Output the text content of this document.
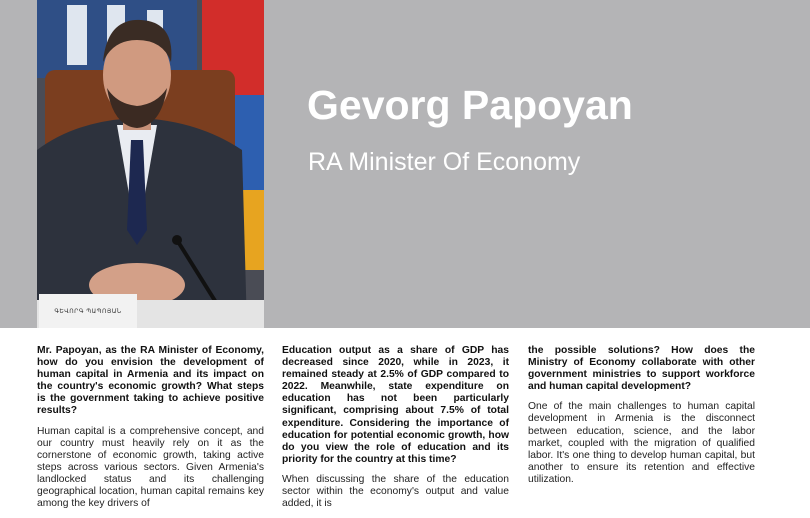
ԳԵՎՈՐԳ ՊԱՊՈՅԱՆ
Gevorg Papoyan
RA Minister Of Economy

Mr. Papoyan, as the RA Minister of Economy, how do you envision the development of human capital in Armenia and its impact on the country's economic growth? What steps is the government taking to achieve positive results?

Human capital is a comprehensive concept, and our country must heavily rely on it as the cornerstone of economic growth, taking active steps across various sectors. Given Armenia's landlocked status and its challenging geographical location, human capital remains key among the key drivers of

Education output as a share of GDP has decreased since 2020, while in 2023, it remained steady at 2.5% of GDP compared to 2022. Meanwhile, state expenditure on education has not been particularly significant, comprising about 7.5% of total expenditure. Considering the importance of education for potential economic growth, how do you view the role of education and its priority for the country at this time?

When discussing the share of the education sector within the economy's output and value added, it is

the possible solutions? How does the Ministry of Economy collaborate with other government ministries to support workforce and human capital development?

One of the main challenges to human capital development in Armenia is the disconnect between education, science, and the labor market, coupled with the migration of qualified labor. It's one thing to develop human capital, but another to ensure its retention and effective utilization.
